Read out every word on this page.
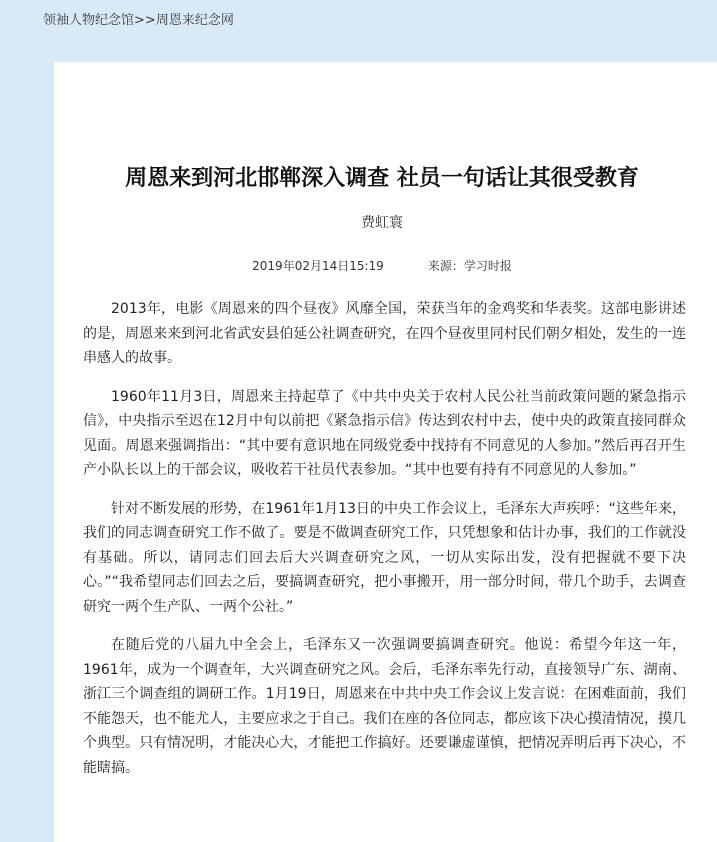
领袖人物纪念馆>>周恩来纪念网
周恩来到河北邯郸深入调查 社员一句话让其很受教育
费虹寰
2019年02月14日15:19	来源：学习时报

2013年，电影《周恩来的四个昼夜》风靡全国，荣获当年的金鸡奖和华表奖。这部电影讲述的是，周恩来来到河北省武安县伯延公社调查研究，在四个昼夜里同村民们朝夕相处，发生的一连串感人的故事。

1960年11月3日，周恩来主持起草了《中共中央关于农村人民公社当前政策问题的紧急指示信》，中央指示至迟在12月中旬以前把《紧急指示信》传达到农村中去，使中央的政策直接同群众见面。周恩来强调指出：“其中要有意识地在同级党委中找持有不同意见的人参加。”然后再召开生产小队长以上的干部会议，吸收若干社员代表参加。“其中也要有持有不同意见的人参加。”

针对不断发展的形势，在1961年1月13日的中央工作会议上，毛泽东大声疾呼：“这些年来，我们的同志调查研究工作不做了。要是不做调查研究工作，只凭想象和估计办事，我们的工作就没有基础。所以，请同志们回去后大兴调查研究之风，一切从实际出发，没有把握就不要下决心。”“我希望同志们回去之后，要搞调查研究，把小事搬开，用一部分时间，带几个助手，去调查研究一两个生产队、一两个公社。”

在随后党的八届九中全会上，毛泽东又一次强调要搞调查研究。他说：希望今年这一年，1961年，成为一个调查年，大兴调查研究之风。会后，毛泽东率先行动，直接领导广东、湖南、浙江三个调查组的调研工作。1月19日，周恩来在中共中央工作会议上发言说：在困难面前，我们不能怨天，也不能尤人，主要应求之于自己。我们在座的各位同志，都应该下决心摸清情况，摸几个典型。只有情况明，才能决心大，才能把工作搞好。还要谦虚谨慎，把情况弄明后再下决心，不能瞎搞。
